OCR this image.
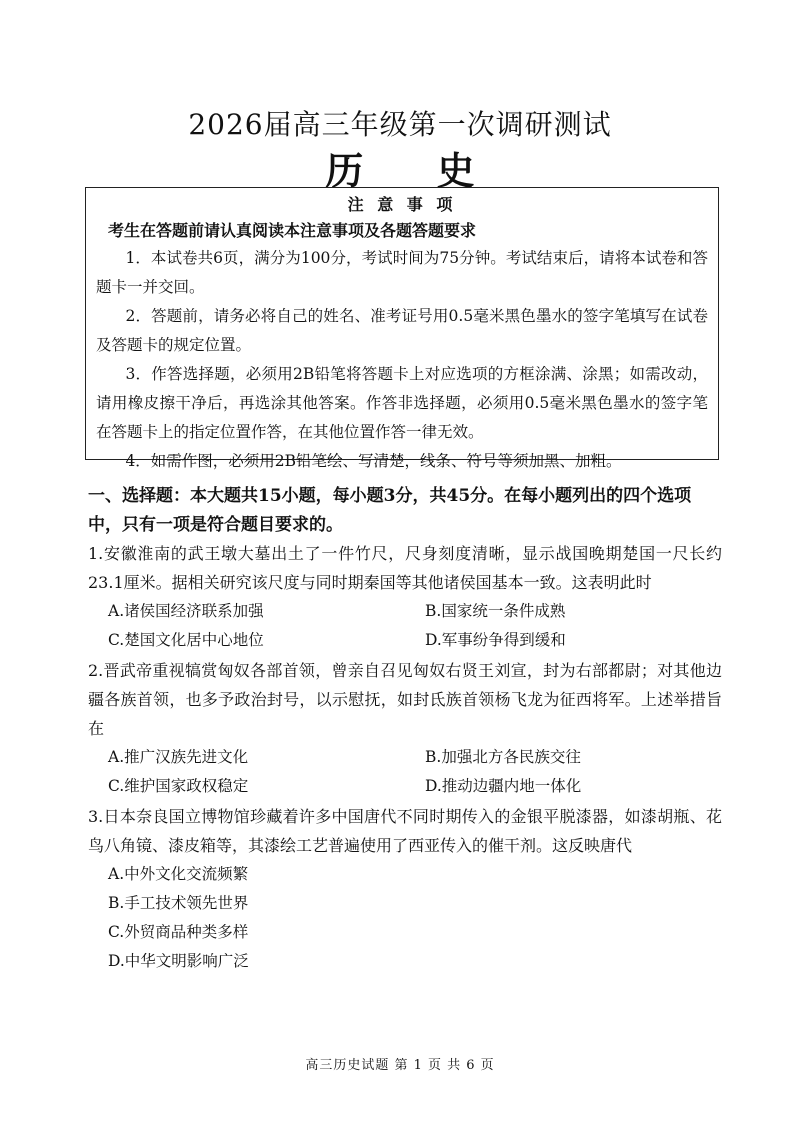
2026届高三年级第一次调研测试
历 史
注 意 事 项
考生在答题前请认真阅读本注意事项及各题答题要求
1．本试卷共6页，满分为100分，考试时间为75分钟。考试结束后，请将本试卷和答题卡一并交回。
2．答题前，请务必将自己的姓名、准考证号用0.5毫米黑色墨水的签字笔填写在试卷及答题卡的规定位置。
3．作答选择题，必须用2B铅笔将答题卡上对应选项的方框涂满、涂黑；如需改动，请用橡皮擦干净后，再选涂其他答案。作答非选择题，必须用0.5毫米黑色墨水的签字笔在答题卡上的指定位置作答，在其他位置作答一律无效。
4．如需作图，必须用2B铅笔绘、写清楚，线条、符号等须加黑、加粗。
一、选择题：本大题共15小题，每小题3分，共45分。在每小题列出的四个选项中，只有一项是符合题目要求的。
1.安徽淮南的武王墩大墓出土了一件竹尺，尺身刻度清晰，显示战国晚期楚国一尺长约23.1厘米。据相关研究该尺度与同时期秦国等其他诸侯国基本一致。这表明此时
A.诸侯国经济联系加强	B.国家统一条件成熟
C.楚国文化居中心地位	D.军事纷争得到缓和
2.晋武帝重视犒赏匈奴各部首领，曾亲自召见匈奴右贤王刘宣，封为右部都尉；对其他边疆各族首领，也多予政治封号，以示慰抚，如封氐族首领杨飞龙为征西将军。上述举措旨在
A.推广汉族先进文化	B.加强北方各民族交往
C.维护国家政权稳定	D.推动边疆内地一体化
3.日本奈良国立博物馆珍藏着许多中国唐代不同时期传入的金银平脱漆器，如漆胡瓶、花鸟八角镜、漆皮箱等，其漆绘工艺普遍使用了西亚传入的催干剂。这反映唐代
A.中外文化交流频繁
B.手工技术领先世界
C.外贸商品种类多样
D.中华文明影响广泛
高三历史试题 第 1 页 共 6 页
